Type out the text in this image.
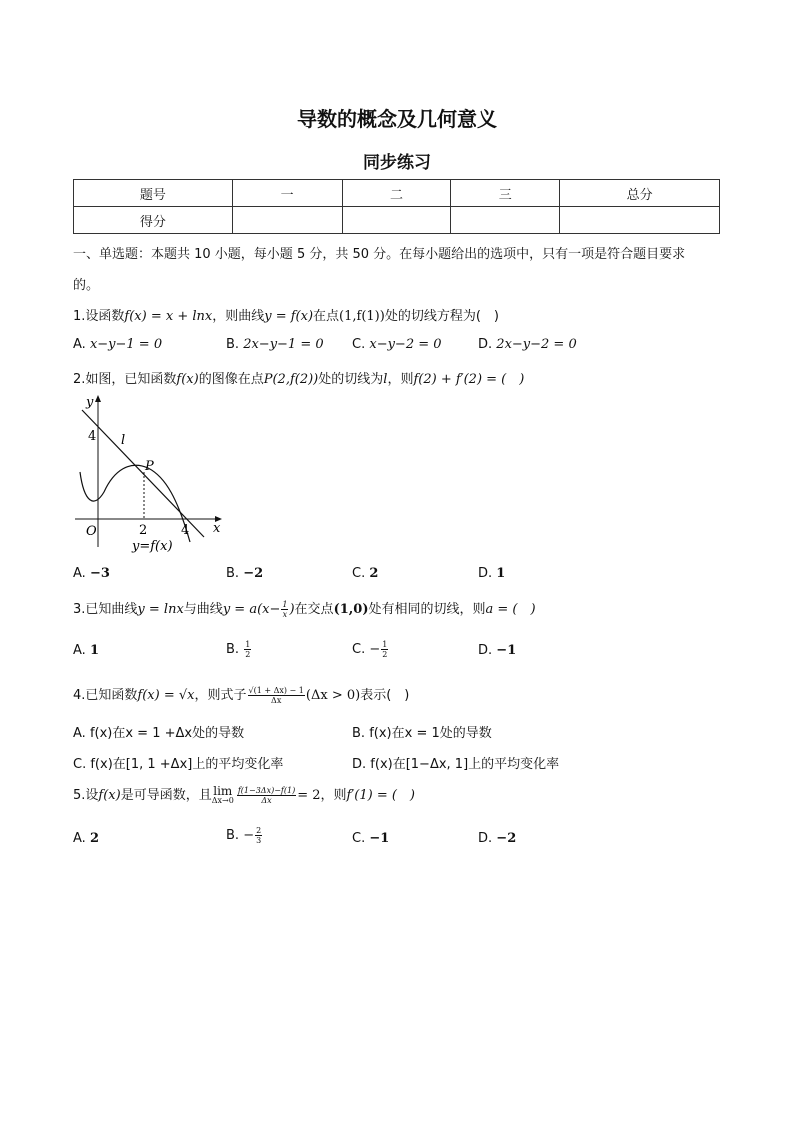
导数的概念及几何意义
同步练习
题号	一	二	三	总分
得分				
一、单选题：本题共 10 小题，每小题 5 分，共 50 分。在每小题给出的选项中，只有一项是符合题目要求
的。
1.设函数f(x) = x + lnx，则曲线y = f(x)在点(1,f(1))处的切线方程为(　)
A. x−y−1 = 0	B. 2x−y−1 = 0 C. x−y−2 = 0	D. 2x−y−2 = 0
2.如图，已知函数f(x)的图像在点P(2,f(2))处的切线为l，则f(2) + f′(2) = (　)
y
x
O
4
2	4
l
P
y=f(x)
A. −3	B. −2	C. 2	D. 1
3.已知曲线y = lnx与曲线$y = a(x- \frac{1}{x}$ )在交点(1,0)处有相同的切线，则a = (　)
A. 1	B. $\frac{1}{2}$	C. − $\frac{1}{2}$	D. −1
4.已知函数f(x) = √x，则式子 $\frac{√(1 + \Delta x) - 1}{\Delta x} (\Delta x > 0)$表示(　)
A. f(x)在x = 1 +Δx处的导数	B. f(x)在x = 1处的导数
C. f(x)在[1, 1 +Δx]上的平均变化率	D. f(x)在[1−Δx, 1]上的平均变化率
5.设f(x)是可导函数，且 lim
$\Delta x\to 0 \frac{f(1-3\Delta x)-f(1)}{\Delta x} = 2$，则f′(1) = (　)
A. 2	B. − $\frac{2}{3}$	C. −1	D. −2
